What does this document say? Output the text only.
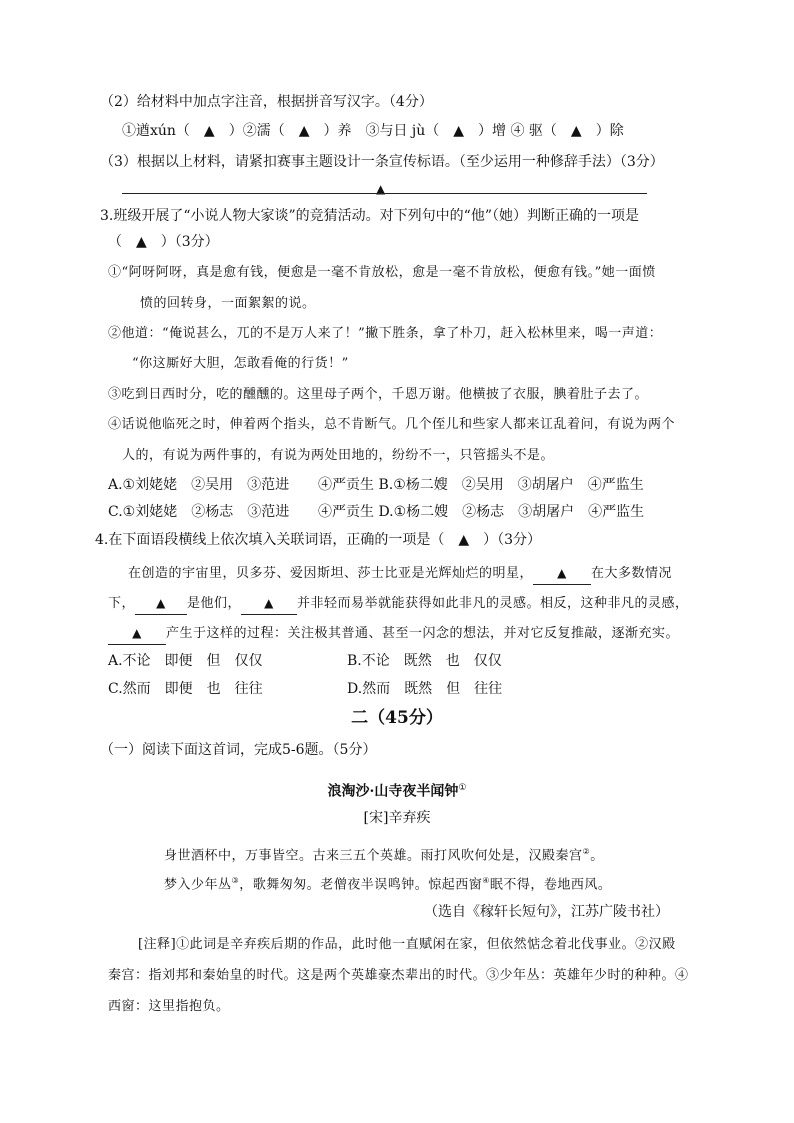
（2）给材料中加点字注音，根据拼音写汉字。（4分）
①遒xún（　▲　）②濡（　▲　）养　③与日 jù（　▲　）增 ④ 驱（　▲　）除
（3）根据以上材料，请紧扣赛事主题设计一条宣传标语。（至少运用一种修辞手法）（3分）
▲
3.班级开展了“小说人物大家谈”的竞猜活动。对下列句中的“他”（她）判断正确的一项是
（　▲　）（3分）
①“阿呀阿呀，真是愈有钱，便愈是一毫不肯放松，愈是一毫不肯放松，便愈有钱。”她一面愤
愤的回转身，一面絮絮的说。
②他道：“俺说甚么，兀的不是万人来了！”撇下胜条，拿了朴刀，赶入松林里来，喝一声道：
“你这厮好大胆，怎敢看俺的行货！”
③吃到日西时分，吃的醺醺的。这里母子两个，千恩万谢。他横披了衣服，腆着肚子去了。
④话说他临死之时，伸着两个指头，总不肯断气。几个侄儿和些家人都来讧乱着问，有说为两个
人的，有说为两件事的，有说为两处田地的，纷纷不一，只管摇头不是。
A.①刘姥姥　②吴用　③范进 ④严贡生 B.①杨二嫂　②吴用　③胡屠户　④严监生
C.①刘姥姥　②杨志　③范进 ④严贡生 D.①杨二嫂　②杨志　③胡屠户　④严监生
4.在下面语段横线上依次填入关联词语，正确的一项是（　▲　）（3分）
在创造的宇宙里，贝多芬、爱因斯坦、莎士比亚是光辉灿烂的明星， ▲ 在大多数情况
下， ▲ 是他们， ▲ 并非轻而易举就能获得如此非凡的灵感。相反，这种非凡的灵感，
▲ 产生于这样的过程：关注极其普通、甚至一闪念的想法，并对它反复推敲，逐渐充实。
A.不论　即便　但　仅仅	B.不论　既然　也　仅仅
C.然而　即便　也　往往	D.然而　既然　但　往往
二（45分）
（一）阅读下面这首词，完成5-6题。（5分）
浪淘沙·山寺夜半闻钟①
[宋]辛弃疾
身世酒杯中，万事皆空。古来三五个英雄。雨打风吹何处是，汉殿秦宫②。
梦入少年丛③，歌舞匆匆。老僧夜半误鸣钟。惊起西窗④眠不得，卷地西风。
（选自《稼轩长短句》，江苏广陵书社）
[注释]①此词是辛弃疾后期的作品，此时他一直赋闲在家，但依然惦念着北伐事业。②汉殿
秦宫：指刘邦和秦始皇的时代。这是两个英雄豪杰辈出的时代。③少年丛：英雄年少时的种种。④
西窗：这里指抱负。
